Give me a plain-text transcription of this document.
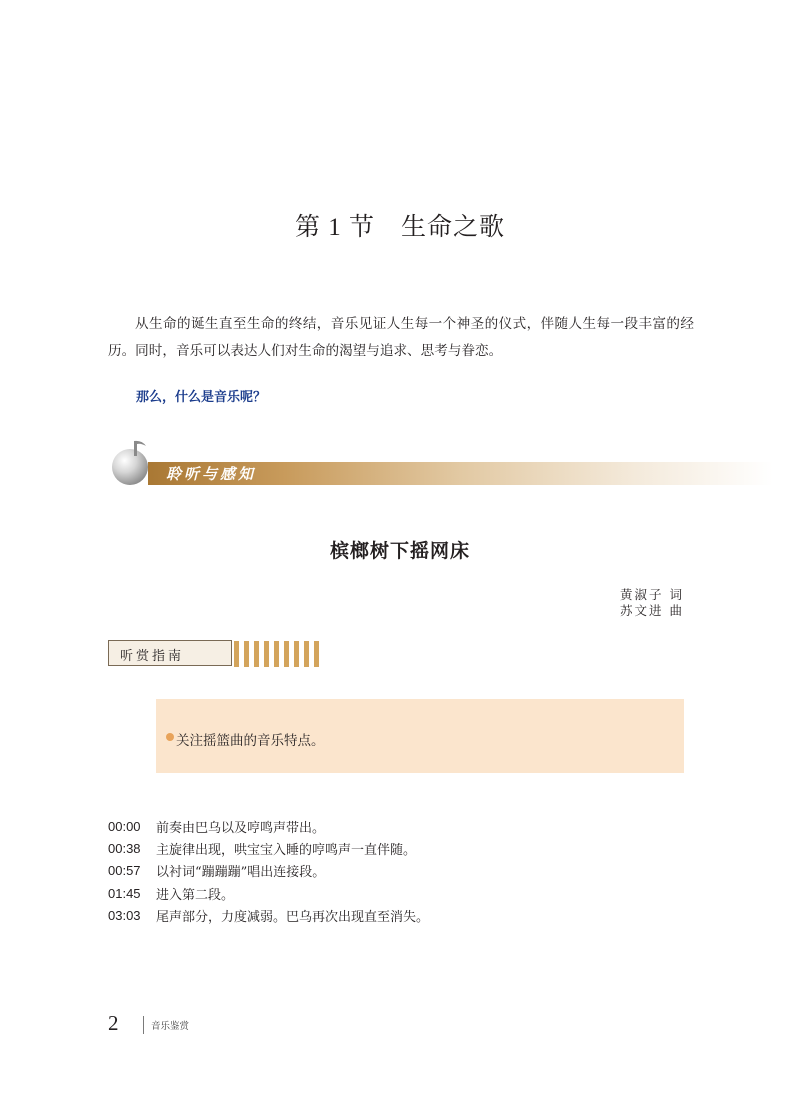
第 1 节 生命之歌
从生命的诞生直至生命的终结，音乐见证人生每一个神圣的仪式，伴随人生每一段丰富的经历。同时，音乐可以表达人们对生命的渴望与追求、思考与眷恋。
那么，什么是音乐呢？
聆听与感知
槟榔树下摇网床
黄淑子 词
苏文进 曲
听赏指南
关注摇篮曲的音乐特点。
00:00	前奏由巴乌以及哼鸣声带出。
00:38	主旋律出现，哄宝宝入睡的哼鸣声一直伴随。
00:57	以衬词“蹦蹦蹦”唱出连接段。
01:45	进入第二段。
03:03	尾声部分，力度减弱。巴乌再次出现直至消失。
2	音乐鉴赏
